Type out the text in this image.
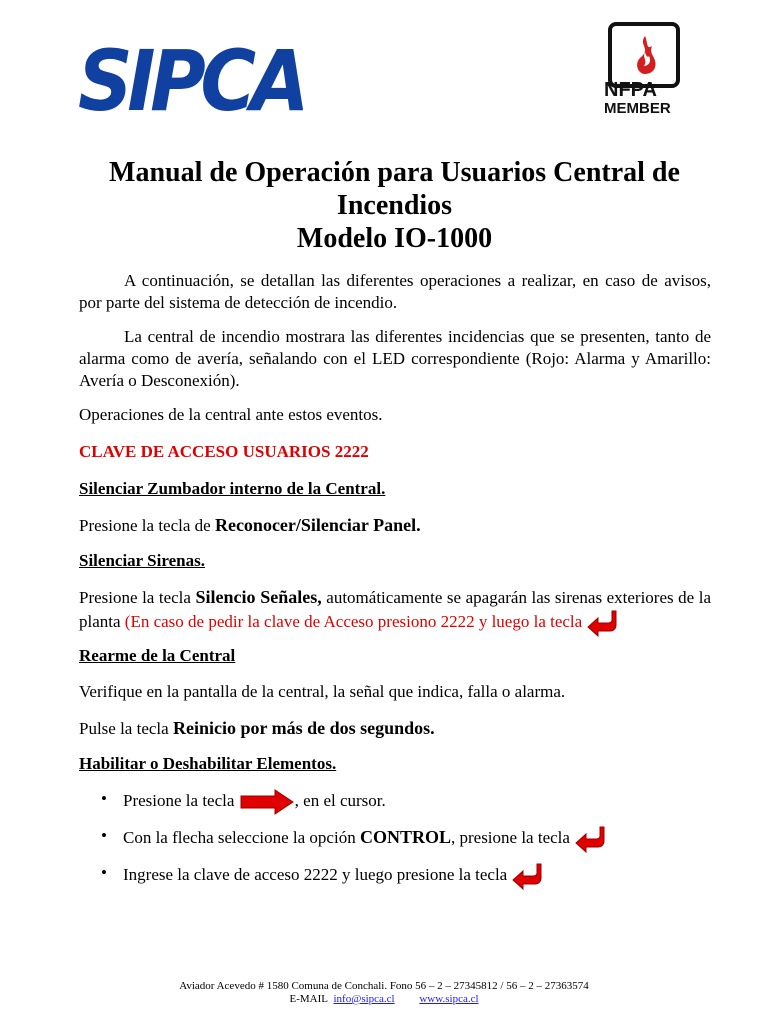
SIPCA	NFPA
MEMBER
Manual de Operación para Usuarios Central de
Incendios
Modelo IO-1000
A continuación, se detallan las diferentes operaciones a realizar, en caso de avisos, por parte del sistema de detección de incendio.
La central de incendio mostrara las diferentes incidencias que se presenten, tanto de alarma como de avería, señalando con el LED correspondiente (Rojo: Alarma y Amarillo: Avería o Desconexión).
Operaciones de la central ante estos eventos.
CLAVE DE ACCESO USUARIOS 2222
Silenciar Zumbador interno de la Central.
Presione la tecla de Reconocer/Silenciar Panel.
Silenciar Sirenas.
Presione la tecla Silencio Señales, automáticamente se apagarán las sirenas exteriores de la planta (En caso de pedir la clave de Acceso presiono 2222 y luego la tecla
Rearme de la Central
Verifique en la pantalla de la central, la señal que indica, falla o alarma.
Pulse la tecla Reinicio por más de dos segundos.
Habilitar o Deshabilitar Elementos.
• Presione la tecla	, en el cursor.
• Con la flecha seleccione la opción CONTROL, presione la tecla
• Ingrese la clave de acceso 2222 y luego presione la tecla
Aviador Acevedo # 1580 Comuna de Conchali. Fono 56 – 2 – 27345812 / 56 – 2 – 27363574
E-MAIL info@sipca.cl www.sipca.cl
